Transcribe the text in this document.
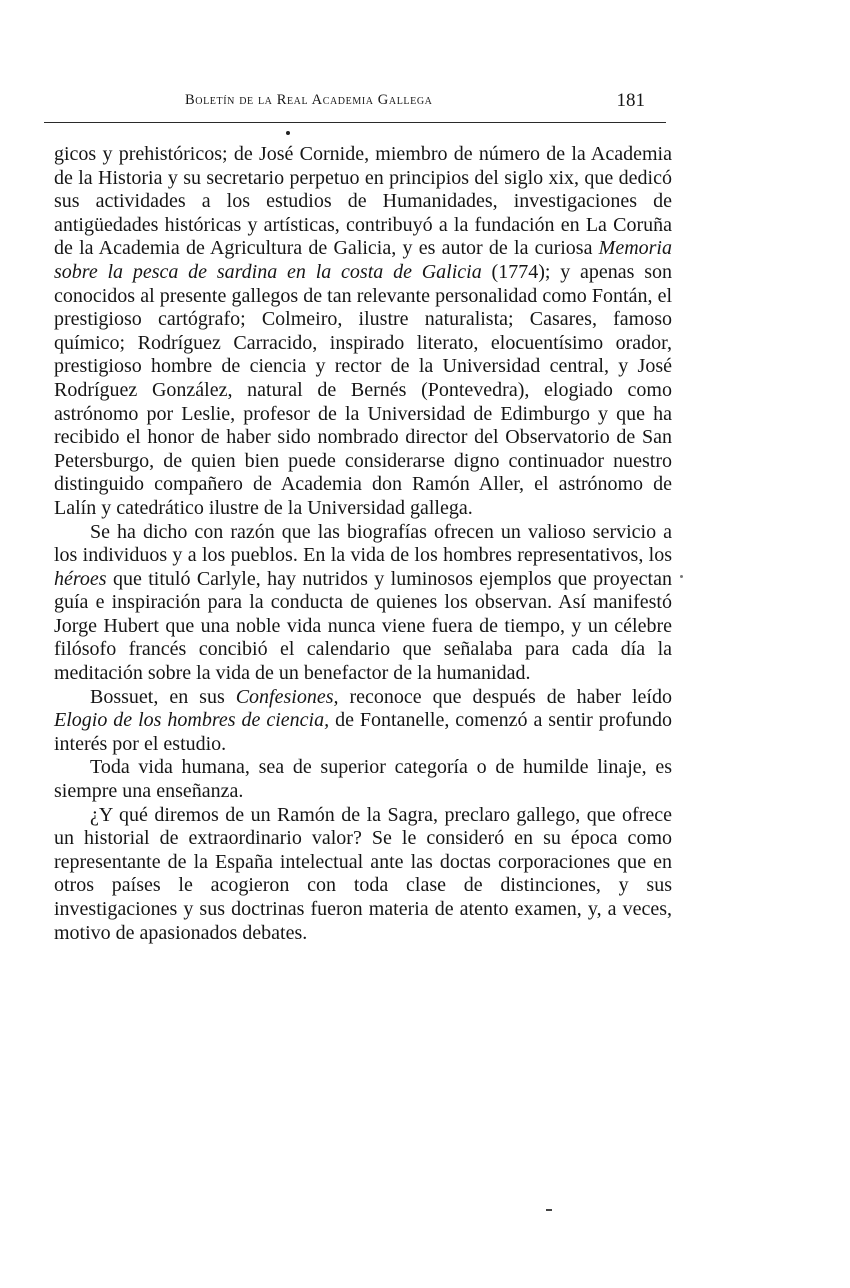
Boletín de la Real Academia Gallega	181

gicos y prehistóricos; de José Cornide, miembro de número de la Academia de la Historia y su secretario perpetuo en principios del siglo xix, que dedicó sus actividades a los estudios de Humanidades, investigaciones de antigüedades históricas y artísticas, contribuyó a la fundación en La Coruña de la Academia de Agricultura de Galicia, y es autor de la curiosa Memoria sobre la pesca de sardina en la costa de Galicia (1774); y apenas son conocidos al presente gallegos de tan relevante personalidad como Fontán, el prestigioso cartógrafo; Colmeiro, ilustre naturalista; Casares, famoso químico; Rodríguez Carracido, inspirado literato, elocuentísimo orador, prestigioso hombre de ciencia y rector de la Universidad central, y José Rodríguez González, natural de Bernés (Pontevedra), elogiado como astrónomo por Leslie, profesor de la Universidad de Edimburgo y que ha recibido el honor de haber sido nombrado director del Observatorio de San Petersburgo, de quien bien puede considerarse digno continuador nuestro distinguido compañero de Academia don Ramón Aller, el astrónomo de Lalín y catedrático ilustre de la Universidad gallega.

Se ha dicho con razón que las biografías ofrecen un valioso servicio a los individuos y a los pueblos. En la vida de los hombres representativos, los héroes que tituló Carlyle, hay nutridos y luminosos ejemplos que proyectan guía e inspiración para la conducta de quienes los observan. Así manifestó Jorge Hubert que una noble vida nunca viene fuera de tiempo, y un célebre filósofo francés concibió el calendario que señalaba para cada día la meditación sobre la vida de un benefactor de la humanidad.

Bossuet, en sus Confesiones, reconoce que después de haber leído Elogio de los hombres de ciencia, de Fontanelle, comenzó a sentir profundo interés por el estudio.

Toda vida humana, sea de superior categoría o de humilde linaje, es siempre una enseñanza.

¿Y qué diremos de un Ramón de la Sagra, preclaro gallego, que ofrece un historial de extraordinario valor? Se le consideró en su época como representante de la España intelectual ante las doctas corporaciones que en otros países le acogieron con toda clase de distinciones, y sus investigaciones y sus doctrinas fueron materia de atento examen, y, a veces, motivo de apasionados debates.
